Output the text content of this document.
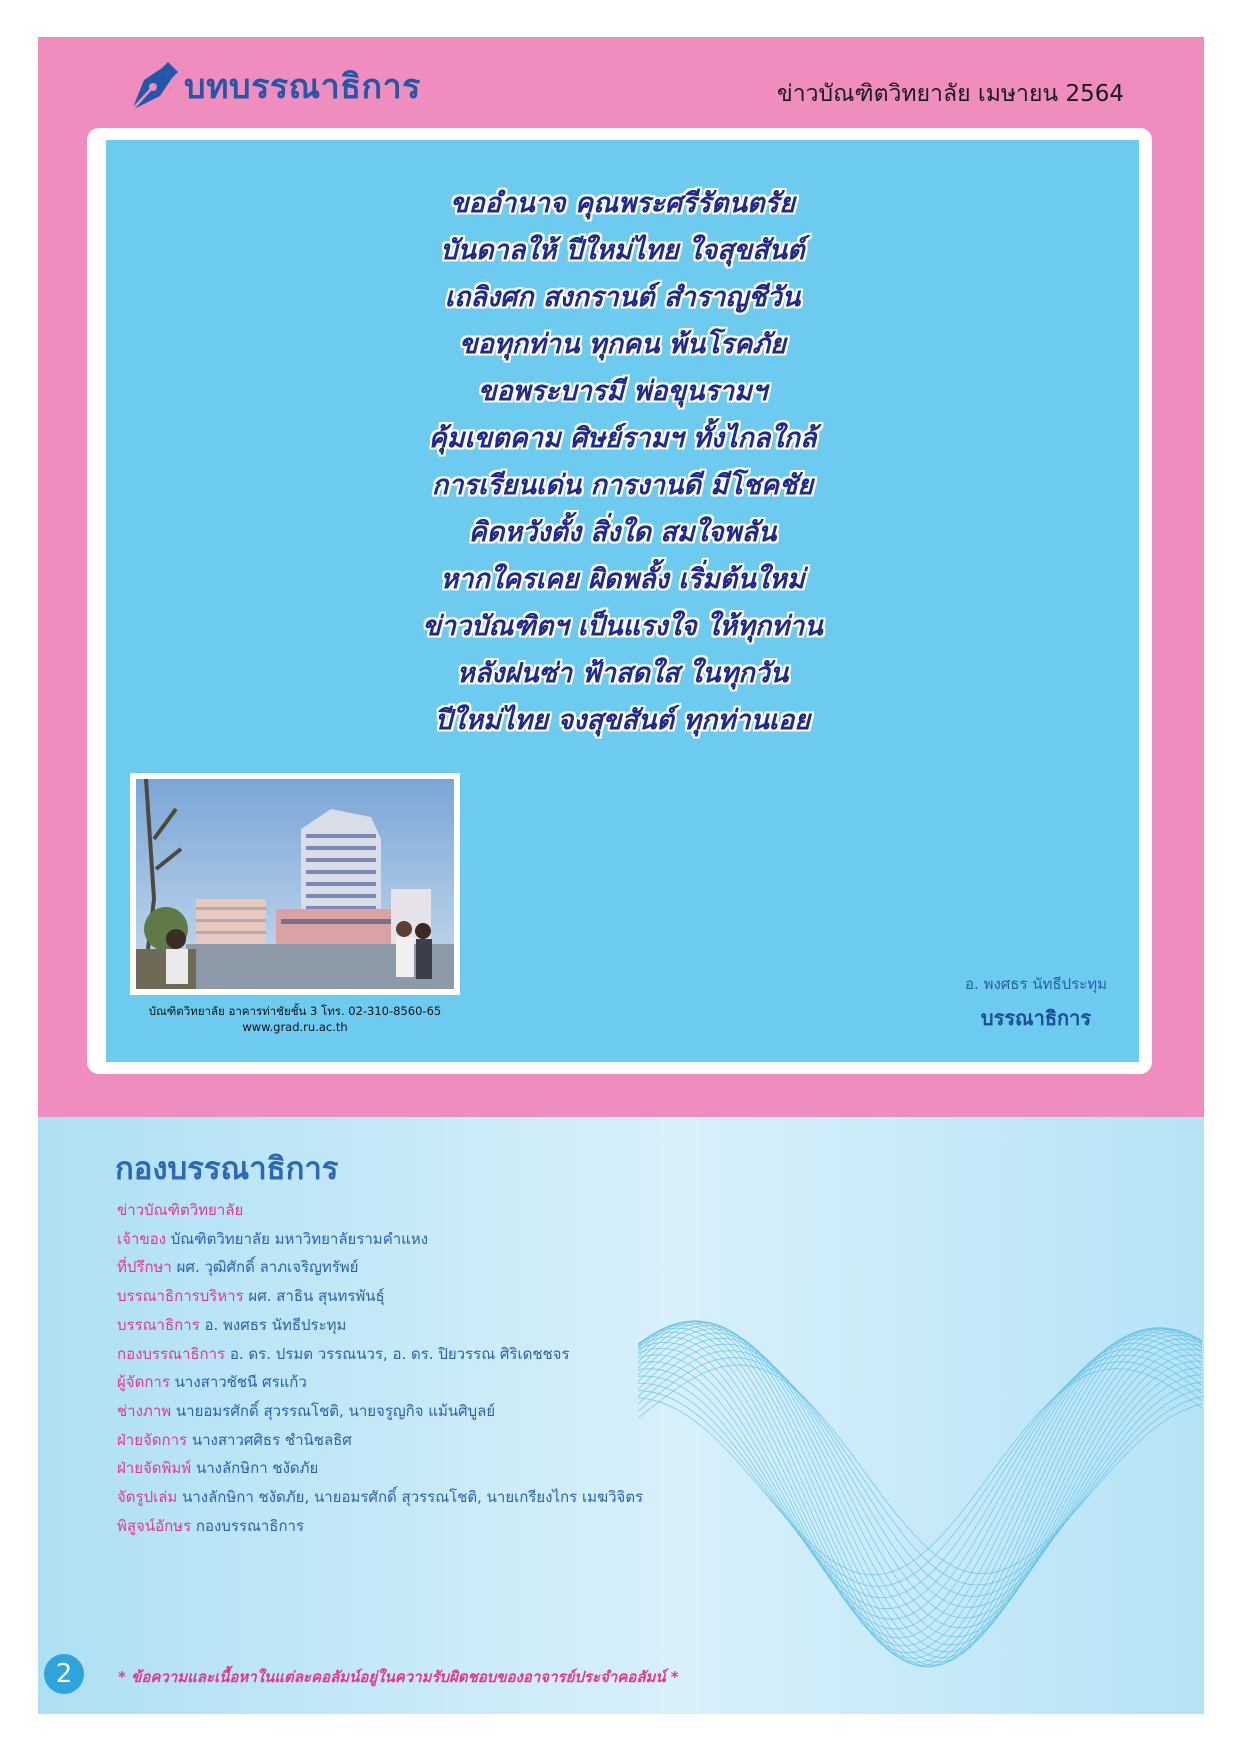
บทบรรณาธิการ	ข่าวบัณฑิตวิทยาลัย เมษายน 2564
ขออำนาจ คุณพระศรีรัตนตรัย
บันดาลให้ ปีใหม่ไทย ใจสุขสันต์
เถลิงศก สงกรานต์ สำราญชีวัน
ขอทุกท่าน ทุกคน พ้นโรคภัย
ขอพระบารมี พ่อขุนรามฯ
คุ้มเขตคาม ศิษย์รามฯ ทั้งไกลใกล้
การเรียนเด่น การงานดี มีโชคชัย
คิดหวังตั้ง สิ่งใด สมใจพลัน
หากใครเคย ผิดพลั้ง เริ่มต้นใหม่
ข่าวบัณฑิตฯ เป็นแรงใจ ให้ทุกท่าน
หลังฝนซ่า ฟ้าสดใส ในทุกวัน
ปีใหม่ไทย จงสุขสันต์ ทุกท่านเอย
บัณฑิตวิทยาลัย อาคารท่าชัยชั้น 3 โทร. 02-310-8560-65
www.grad.ru.ac.th
อ. พงศธร นัทธีประทุม
บรรณาธิการ
กองบรรณาธิการ
ข่าวบัณฑิตวิทยาลัย
เจ้าของ บัณฑิตวิทยาลัย มหาวิทยาลัยรามคำแหง
ที่ปรึกษา ผศ. วุฒิศักดิ์ ลาภเจริญทรัพย์
บรรณาธิการบริหาร ผศ. สาธิน สุนทรพันธุ์
บรรณาธิการ อ. พงศธร นัทธีประทุม
กองบรรณาธิการ อ. ดร. ปรมต วรรณนวร, อ. ดร. ปิยวรรณ ศิริเดชชจร
ผู้จัดการ นางสาวชัชนี ศรแก้ว
ช่างภาพ นายอมรศักดิ์ สุวรรณโชติ, นายจรูญกิจ แม้นศิบูลย์
ฝ่ายจัดการ นางสาวศศิธร ชำนิชลธิศ
ฝ่ายจัดพิมพ์ นางลักษิกา ชงัดภัย
จัดรูปเล่ม นางลักษิกา ชงัดภัย, นายอมรศักดิ์ สุวรรณโชติ, นายเกรียงไกร เมฆวิจิตร
พิสูจน์อักษร กองบรรณาธิการ
2	* ข้อความและเนื้อหาในแต่ละคอลัมน์อยู่ในความรับผิดชอบของอาจารย์ประจำคอลัมน์ *
